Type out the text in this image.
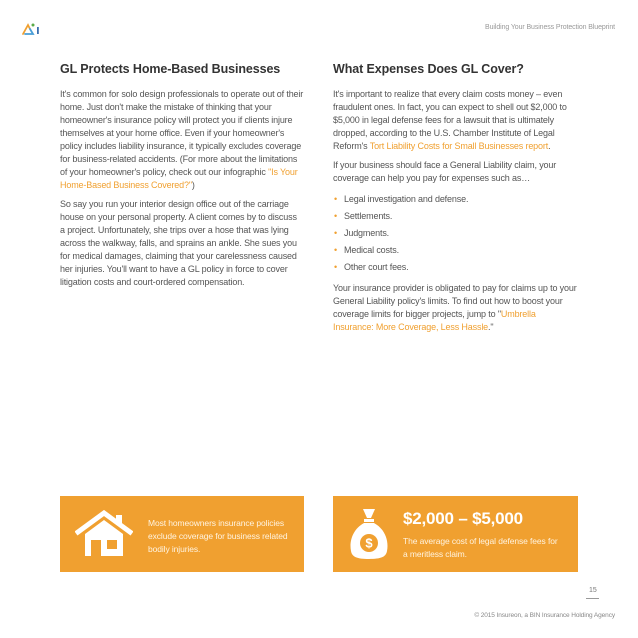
Building Your Business Protection Blueprint
GL Protects Home-Based Businesses

It's common for solo design professionals to operate out of their home. Just don't make the mistake of thinking that your homeowner's insurance policy will protect you if clients injure themselves at your home office. Even if your homeowner's policy includes liability insurance, it typically excludes coverage for business-related accidents. (For more about the limitations of your homeowner's policy, check out our infographic "Is Your Home-Based Business Covered?")

So say you run your interior design office out of the carriage house on your personal property. A client comes by to discuss a project. Unfortunately, she trips over a hose that was lying across the walkway, falls, and sprains an ankle. She sues you for medical damages, claiming that your carelessness caused her injuries. You'll want to have a GL policy in force to cover litigation costs and court-ordered compensation.

What Expenses Does GL Cover?

It's important to realize that every claim costs money – even fraudulent ones. In fact, you can expect to shell out $2,000 to $5,000 in legal defense fees for a lawsuit that is ultimately dropped, according to the U.S. Chamber Institute of Legal Reform's Tort Liability Costs for Small Businesses report.

If your business should face a General Liability claim, your coverage can help you pay for expenses such as…

• Legal investigation and defense.
• Settlements.
• Judgments.
• Medical costs.
• Other court fees.

Your insurance provider is obligated to pay for claims up to your General Liability policy's limits. To find out how to boost your coverage limits for bigger projects, jump to "Umbrella Insurance: More Coverage, Less Hassle."

Most homeowners insurance policies exclude coverage for business related bodily injuries.	$
$2,000 – $5,000
The average cost of legal defense fees for a meritless claim.
15
© 2015 Insureon, a BIN Insurance Holding Agency
